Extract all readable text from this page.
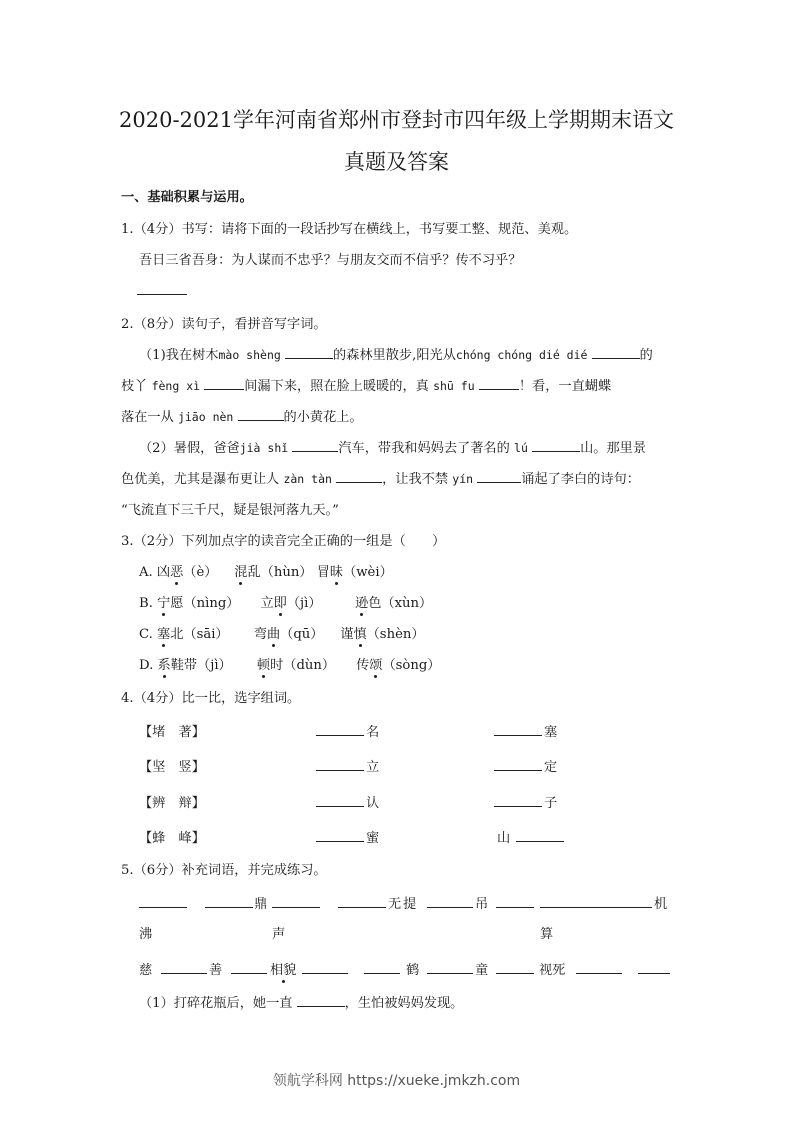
2020-2021学年河南省郑州市登封市四年级上学期期末语文
真题及答案
一、基础积累与运用。
1.（4分）书写：请将下面的一段话抄写在横线上，书写要工整、规范、美观。
吾日三省吾身：为人谋而不忠乎？与朋友交而不信乎？传不习乎？
2.（8分）读句子，看拼音写字词。
（1)我在树木mào shèng	的森林里散步,阳光从chóng chóng dié dié	的
枝丫 fèng xì	间漏下来，照在脸上暖暖的，真 shū fu	！看，一直蝴蝶
落在一从 jiāo nèn	的小黄花上。
（2）暑假，爸爸jià shǐ	汽车，带我和妈妈去了著名的 lú	山。那里景
色优美，尤其是瀑布更让人 zàn tàn	，让我不禁 yín	诵起了李白的诗句：
“飞流直下三千尺，疑是银河落九天。”
3.（2分）下列加点字的读音完全正确的一组是（　　）
A. 凶恶（è） 混乱（hùn） 冒昧（wèi）
B. 宁愿（nìng） 立即（jì）	逊色（xùn）
C. 塞北（sāi） 弯曲（qū） 谨慎（shèn）
D. 系鞋带（jì） 顿时（dùn） 传颂（sòng）
4.（4分）比一比，选字组词。
【堵　著】	名	塞
【坚　竖】	立	定
【辨　辩】	认	子
【蜂　峰】	蜜	山
5.（6分）补充词语，并完成练习。
鼎	无提	吊	机
沸	声	算
慈	善	相貌	鹤	童	视死
（1）打碎花瓶后，她一直	，生怕被妈妈发现。
领航学科网 https://xueke.jmkzh.com
